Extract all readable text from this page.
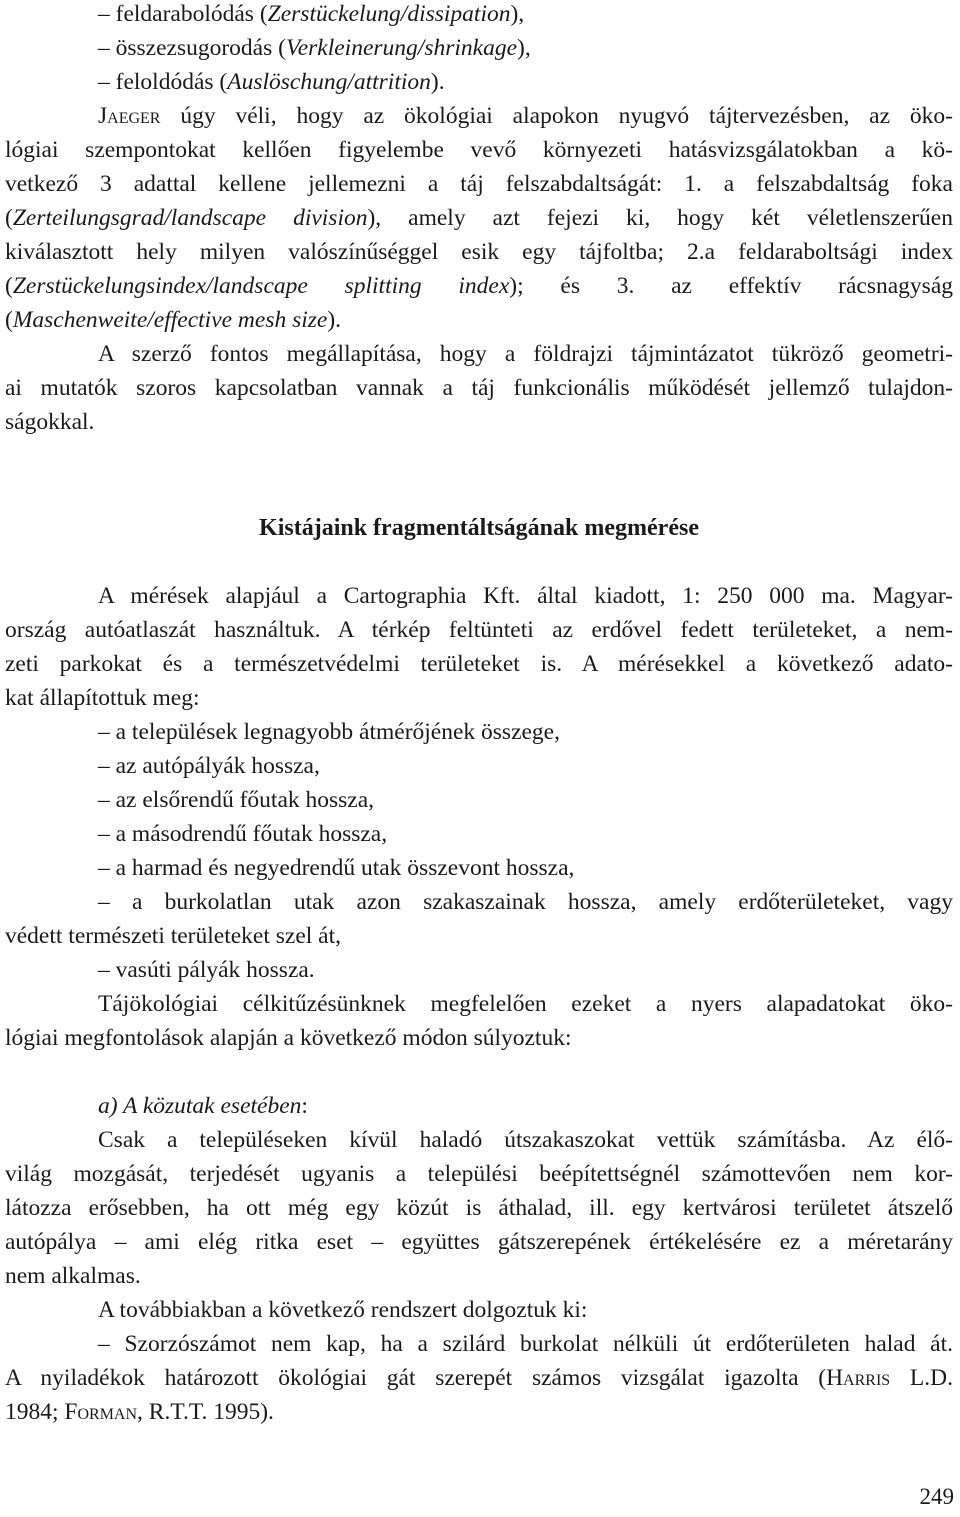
– feldarabolódás (Zerstückelung/dissipation),
– összezsugorodás (Verkleinerung/shrinkage),
– feloldódás (Auslöschung/attrition).
Jaeger úgy véli, hogy az ökológiai alapokon nyugvó tájtervezésben, az öko-
lógiai szempontokat kellően figyelembe vevő környezeti hatásvizsgálatokban a kö-
vetkező 3 adattal kellene jellemezni a táj felszabdaltságát: 1. a felszabdaltság foka
(Zerteilungsgrad/landscape division), amely azt fejezi ki, hogy két véletlenszerűen
kiválasztott hely milyen valószínűséggel esik egy tájfoltba; 2.a feldaraboltsági index
(Zerstückelungsindex/landscape splitting index); és 3. az effektív rácsnagyság
(Maschenweite/effective mesh size).
A szerző fontos megállapítása, hogy a földrajzi tájmintázatot tükröző geometri-
ai mutatók szoros kapcsolatban vannak a táj funkcionális működését jellemző tulajdon-
ságokkal.
Kistájaink fragmentáltságának megmérése
A mérések alapjául a Cartographia Kft. által kiadott, 1: 250 000 ma. Magyar-
ország autóatlaszát használtuk. A térkép feltünteti az erdővel fedett területeket, a nem-
zeti parkokat és a természetvédelmi területeket is. A mérésekkel a következő adato-
kat állapítottuk meg:
– a települések legnagyobb átmérőjének összege,
– az autópályák hossza,
– az elsőrendű főutak hossza,
– a másodrendű főutak hossza,
– a harmad és negyedrendű utak összevont hossza,
– a burkolatlan utak azon szakaszainak hossza, amely erdőterületeket, vagy
védett természeti területeket szel át,
– vasúti pályák hossza.
Tájökológiai célkitűzésünknek megfelelően ezeket a nyers alapadatokat öko-
lógiai megfontolások alapján a következő módon súlyoztuk:
a) A közutak esetében:
Csak a településeken kívül haladó útszakaszokat vettük számításba. Az élő-
világ mozgását, terjedését ugyanis a települési beépítettségnél számottevően nem kor-
látozza erősebben, ha ott még egy közút is áthalad, ill. egy kertvárosi területet átszelő
autópálya – ami elég ritka eset – együttes gátszerepének értékelésére ez a méretarány
nem alkalmas.
A továbbiakban a következő rendszert dolgoztuk ki:
– Szorzószámot nem kap, ha a szilárd burkolat nélküli út erdőterületen halad át.
A nyiladékok határozott ökológiai gát szerepét számos vizsgálat igazolta (Harris L.D.
1984; Forman, R.T.T. 1995).
249
